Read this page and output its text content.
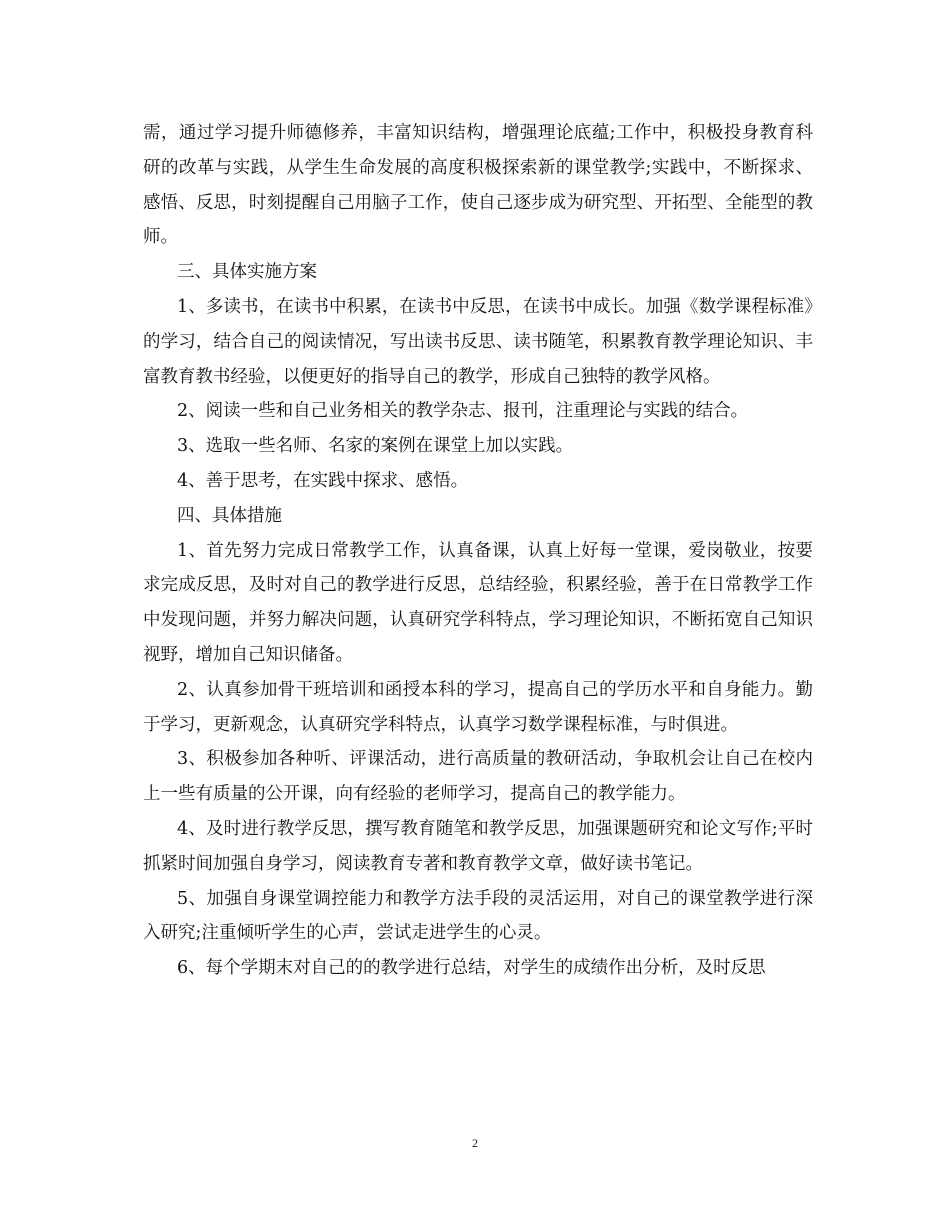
需，通过学习提升师德修养，丰富知识结构，增强理论底蕴;工作中，积极投身教育科研的改革与实践，从学生生命发展的高度积极探索新的课堂教学;实践中，不断探求、感悟、反思，时刻提醒自己用脑子工作，使自己逐步成为研究型、开拓型、全能型的教师。

三、具体实施方案

1、多读书，在读书中积累，在读书中反思，在读书中成长。加强《数学课程标准》的学习，结合自己的阅读情况，写出读书反思、读书随笔，积累教育教学理论知识、丰富教育教书经验，以便更好的指导自己的教学，形成自己独特的教学风格。

2、阅读一些和自己业务相关的教学杂志、报刊，注重理论与实践的结合。

3、选取一些名师、名家的案例在课堂上加以实践。

4、善于思考，在实践中探求、感悟。

四、具体措施

1、首先努力完成日常教学工作，认真备课，认真上好每一堂课，爱岗敬业，按要求完成反思，及时对自己的教学进行反思，总结经验，积累经验，善于在日常教学工作中发现问题，并努力解决问题，认真研究学科特点，学习理论知识，不断拓宽自己知识视野，增加自己知识储备。

2、认真参加骨干班培训和函授本科的学习，提高自己的学历水平和自身能力。勤于学习，更新观念，认真研究学科特点，认真学习数学课程标准，与时俱进。

3、积极参加各种听、评课活动，进行高质量的教研活动，争取机会让自己在校内上一些有质量的公开课，向有经验的老师学习，提高自己的教学能力。

4、及时进行教学反思，撰写教育随笔和教学反思，加强课题研究和论文写作;平时抓紧时间加强自身学习，阅读教育专著和教育教学文章，做好读书笔记。

5、加强自身课堂调控能力和教学方法手段的灵活运用，对自己的课堂教学进行深入研究;注重倾听学生的心声，尝试走进学生的心灵。

6、每个学期末对自己的的教学进行总结，对学生的成绩作出分析，及时反思

2
